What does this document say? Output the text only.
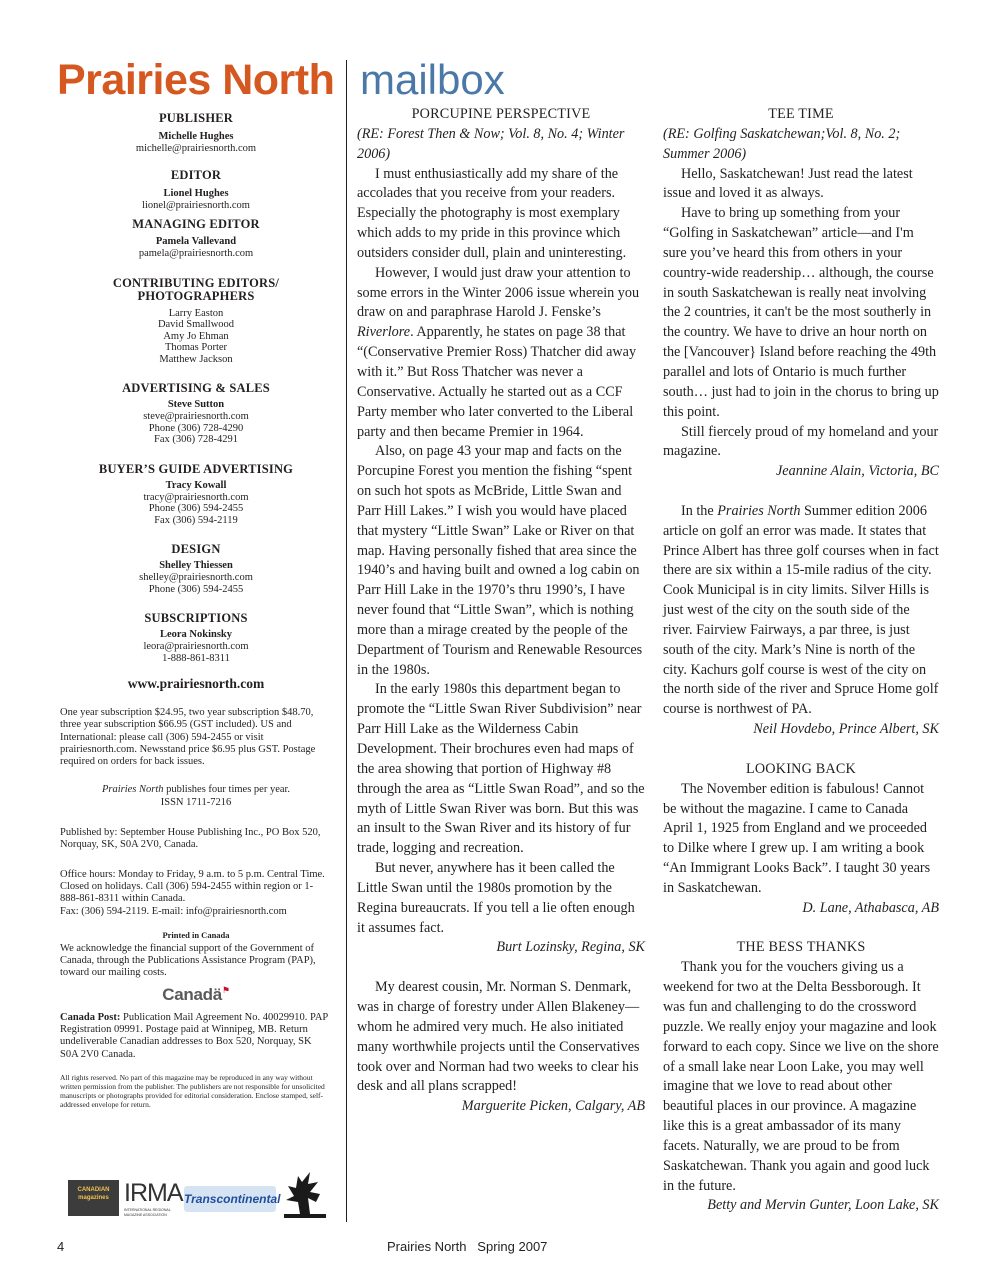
Prairies North mailbox
PUBLISHER
Michelle Hughes
michelle@prairiesnorth.com
EDITOR
Lionel Hughes
lionel@prairiesnorth.com
MANAGING EDITOR
Pamela Vallevand
pamela@prairiesnorth.com
CONTRIBUTING EDITORS/
PHOTOGRAPHERS
Larry Easton
David Smallwood
Amy Jo Ehman
Thomas Porter
Matthew Jackson
ADVERTISING & SALES
Steve Sutton
steve@prairiesnorth.com
Phone (306) 728-4290
Fax (306) 728-4291
BUYER’S GUIDE ADVERTISING
Tracy Kowall
tracy@prairiesnorth.com
Phone (306) 594-2455
Fax (306) 594-2119
DESIGN
Shelley Thiessen
shelley@prairiesnorth.com
Phone (306) 594-2455
SUBSCRIPTIONS
Leora Nokinsky
leora@prairiesnorth.com
1-888-861-8311
www.prairiesnorth.com
One year subscription $24.95, two year subscription $48.70, three year subscription $66.95 (GST included). US and International: please call (306) 594-2455 or visit prairiesnorth.com. Newsstand price $6.95 plus GST. Postage required on orders for back issues.
Prairies North publishes four times per year.
ISSN 1711-7216
Published by: September House Publishing Inc., PO Box 520, Norquay, SK, S0A 2V0, Canada.
Office hours: Monday to Friday, 9 a.m. to 5 p.m. Central Time. Closed on holidays. Call (306) 594-2455 within region or 1-888-861-8311 within Canada.
Fax: (306) 594-2119. E-mail: info@prairiesnorth.com
Printed in Canada
We acknowledge the financial support of the Government of Canada, through the Publications Assistance Program (PAP), toward our mailing costs.
Canadä⚑
Canada Post: Publication Mail Agreement No. 40029910. PAP Registration 09991. Postage paid at Winnipeg, MB. Return undeliverable Canadian addresses to Box 520, Norquay, SK S0A 2V0 Canada.
All rights reserved. No part of this magazine may be reproduced in any way without written permission from the publisher. The publishers are not responsible for unsolicited manuscripts or photographs provided for editorial consideration. Enclose stamped, self-addressed envelope for return.
CANADIAN
magazines IRMA
INTERNATIONAL REGIONAL MAGAZINE ASSOCIATION
Transcontinental

PORCUPINE PERSPECTIVE

(RE: Forest Then & Now; Vol. 8, No. 4; Winter 2006)

I must enthusiastically add my share of the accolades that you receive from your readers. Especially the photography is most exemplary which adds to my pride in this province which outsiders consider dull, plain and uninteresting.

However, I would just draw your attention to some errors in the Winter 2006 issue wherein you draw on and paraphrase Harold J. Fenske’s Riverlore. Apparently, he states on page 38 that “(Conservative Premier Ross) Thatcher did away with it.” But Ross Thatcher was never a Conservative. Actually he started out as a CCF Party member who later converted to the Liberal party and then became Premier in 1964.

Also, on page 43 your map and facts on the Porcupine Forest you mention the fishing “spent on such hot spots as McBride, Little Swan and Parr Hill Lakes.” I wish you would have placed that mystery “Little Swan” Lake or River on that map. Having personally fished that area since the 1940’s and having built and owned a log cabin on Parr Hill Lake in the 1970’s thru 1990’s, I have never found that “Little Swan”, which is nothing more than a mirage created by the people of the Department of Tourism and Renewable Resources in the 1980s.

In the early 1980s this department began to promote the “Little Swan River Subdivision” near Parr Hill Lake as the Wilderness Cabin Development. Their brochures even had maps of the area showing that portion of Highway #8 through the area as “Little Swan Road”, and so the myth of Little Swan River was born. But this was an insult to the Swan River and its history of fur trade, logging and recreation.

But never, anywhere has it been called the Little Swan until the 1980s promotion by the Regina bureaucrats. If you tell a lie often enough it assumes fact.

Burt Lozinsky, Regina, SK

My dearest cousin, Mr. Norman S. Denmark, was in charge of forestry under Allen Blakeney—whom he admired very much. He also initiated many worthwhile projects until the Conservatives took over and Norman had two weeks to clear his desk and all plans scrapped!

Marguerite Picken, Calgary, AB

TEE TIME

(RE: Golfing Saskatchewan;Vol. 8, No. 2; Summer 2006)

Hello, Saskatchewan! Just read the latest issue and loved it as always.

Have to bring up something from your “Golfing in Saskatchewan” article—and I'm sure you’ve heard this from others in your country-wide readership… although, the course in south Saskatchewan is really neat involving the 2 countries, it can't be the most southerly in the country. We have to drive an hour north on the [Vancouver} Island before reaching the 49th parallel and lots of Ontario is much further south… just had to join in the chorus to bring up this point.

Still fiercely proud of my homeland and your magazine.

Jeannine Alain, Victoria, BC

In the Prairies North Summer edition 2006 article on golf an error was made. It states that Prince Albert has three golf courses when in fact there are six within a 15-mile radius of the city. Cook Municipal is in city limits. Silver Hills is just west of the city on the south side of the river. Fairview Fairways, a par three, is just south of the city. Mark’s Nine is north of the city. Kachurs golf course is west of the city on the north side of the river and Spruce Home golf course is northwest of PA.

Neil Hovdebo, Prince Albert, SK

LOOKING BACK

The November edition is fabulous! Cannot be without the magazine. I came to Canada April 1, 1925 from England and we proceeded to Dilke where I grew up. I am writing a book “An Immigrant Looks Back”. I taught 30 years in Saskatchewan.

D. Lane, Athabasca, AB

THE BESS THANKS

Thank you for the vouchers giving us a weekend for two at the Delta Bessborough. It was fun and challenging to do the crossword puzzle. We really enjoy your magazine and look forward to each copy. Since we live on the shore of a small lake near Loon Lake, you may well imagine that we love to read about other beautiful places in our province. A magazine like this is a great ambassador of its many facets. Naturally, we are proud to be from Saskatchewan. Thank you again and good luck in the future.

Betty and Mervin Gunter, Loon Lake, SK

4	Prairies North   Spring 2007
